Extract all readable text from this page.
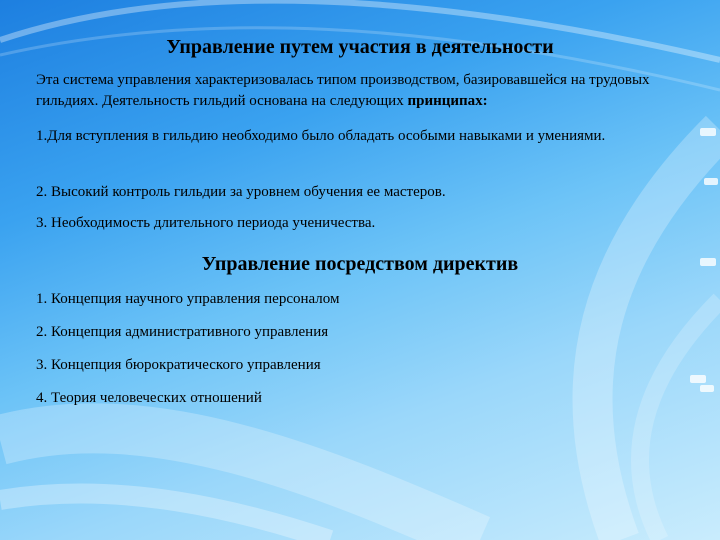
Управление путем участия в деятельности

Эта система управления характеризовалась типом производством, базировавшейся на трудовых гильдиях. Деятельность гильдий основана на следующих принципах:

1.Для вступления в гильдию необходимо было обладать особыми навыками и умениями.

2. Высокий контроль гильдии за уровнем обучения ее мастеров.

3. Необходимость длительного периода ученичества.

Управление посредством директив

1. Концепция научного управления персоналом

2. Концепция административного управления

3. Концепция бюрократического управления

4. Теория человеческих отношений
